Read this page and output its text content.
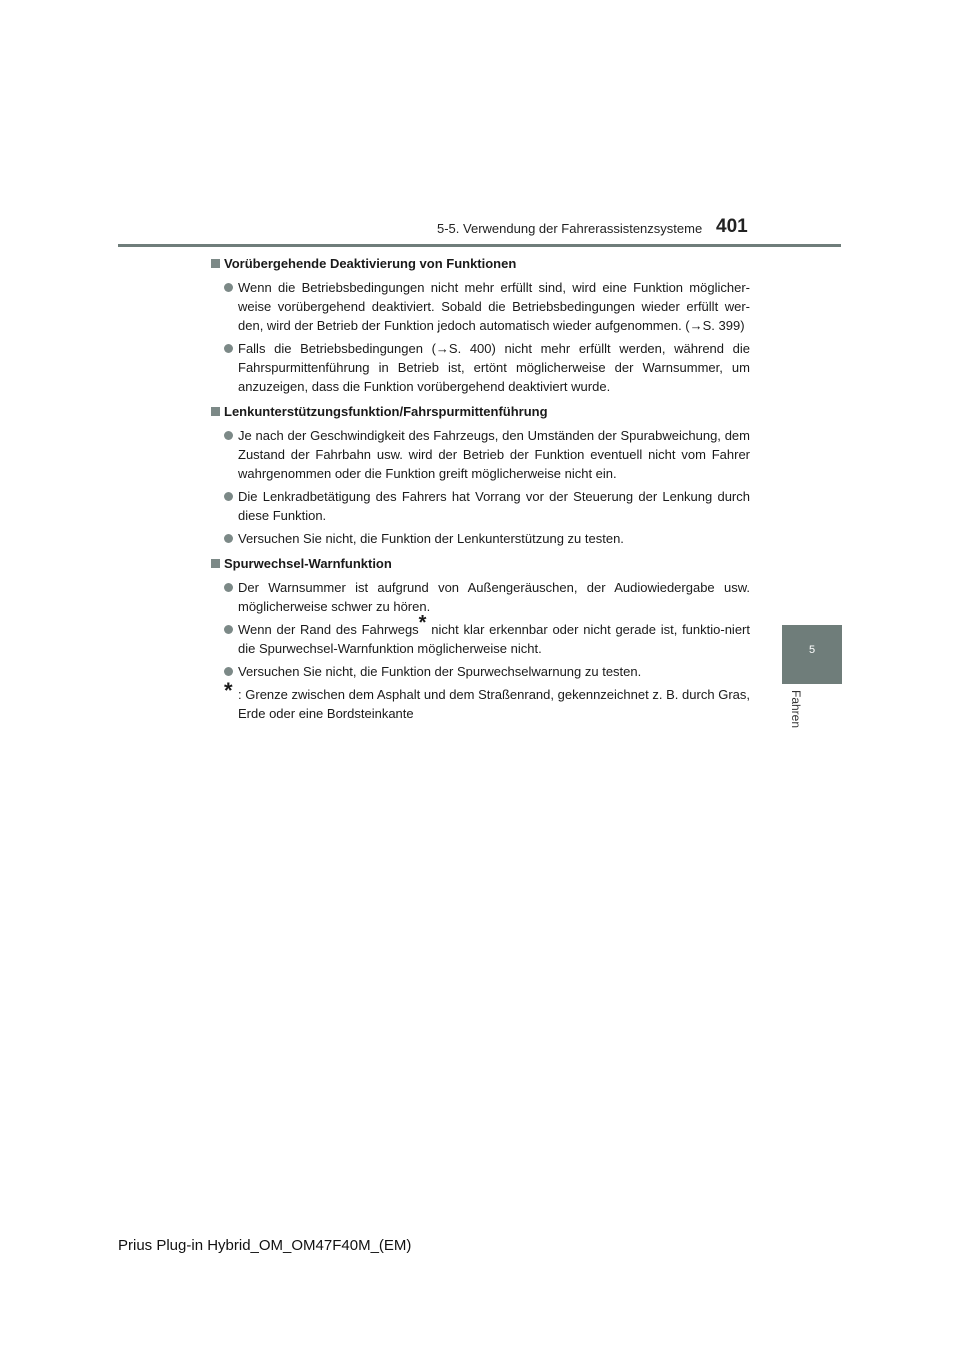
5-5. Verwendung der Fahrerassistenzsysteme 401
5
Fahren
Vorübergehende Deaktivierung von Funktionen
Wenn die Betriebsbedingungen nicht mehr erfüllt sind, wird eine Funktion möglicher-weise vorübergehend deaktiviert. Sobald die Betriebsbedingungen wieder erfüllt wer-den, wird der Betrieb der Funktion jedoch automatisch wieder aufgenommen. (→S. 399)
Falls die Betriebsbedingungen (→S. 400) nicht mehr erfüllt werden, während die Fahrspurmittenführung in Betrieb ist, ertönt möglicherweise der Warnsummer, um anzuzeigen, dass die Funktion vorübergehend deaktiviert wurde.
Lenkunterstützungsfunktion/Fahrspurmittenführung
Je nach der Geschwindigkeit des Fahrzeugs, den Umständen der Spurabweichung, dem Zustand der Fahrbahn usw. wird der Betrieb der Funktion eventuell nicht vom Fahrer wahrgenommen oder die Funktion greift möglicherweise nicht ein.
Die Lenkradbetätigung des Fahrers hat Vorrang vor der Steuerung der Lenkung durch diese Funktion.
Versuchen Sie nicht, die Funktion der Lenkunterstützung zu testen.
Spurwechsel-Warnfunktion
Der Warnsummer ist aufgrund von Außengeräuschen, der Audiowiedergabe usw. möglicherweise schwer zu hören.
Wenn der Rand des Fahrwegs* nicht klar erkennbar oder nicht gerade ist, funktio-niert die Spurwechsel-Warnfunktion möglicherweise nicht.
Versuchen Sie nicht, die Funktion der Spurwechselwarnung zu testen.
* : Grenze zwischen dem Asphalt und dem Straßenrand, gekennzeichnet z. B. durch Gras, Erde oder eine Bordsteinkante
Prius Plug-in Hybrid_OM_OM47F40M_(EM)
